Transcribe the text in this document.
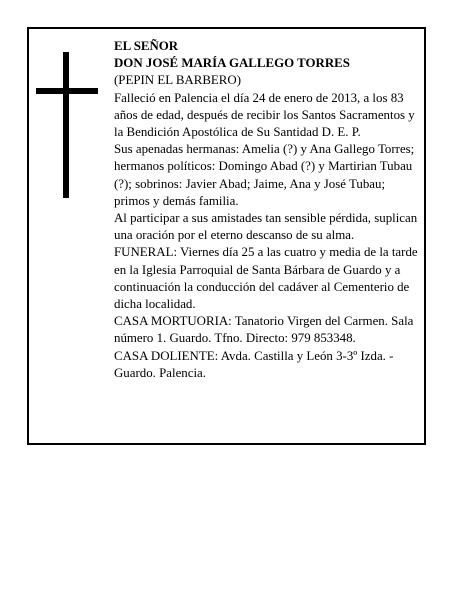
EL SEÑOR

DON JOSÉ MARÍA GALLEGO TORRES

(PEPIN EL BARBERO)

Falleció en Palencia el día 24 de enero de 2013, a los 83 años de edad, después de recibir los Santos Sacramentos y la Bendición Apostólica de Su Santidad D. E. P.

Sus apenadas hermanas: Amelia (?) y Ana Gallego Torres; hermanos políticos: Domingo Abad (?) y Martirian Tubau (?); sobrinos: Javier Abad; Jaime, Ana y José Tubau; primos y demás familia.

Al participar a sus amistades tan sensible pérdida, suplican una oración por el eterno descanso de su alma.

FUNERAL: Viernes día 25 a las cuatro y media de la tarde en la Iglesia Parroquial de Santa Bárbara de Guardo y a continuación la conducción del cadáver al Cementerio de dicha localidad.

CASA MORTUORIA: Tanatorio Virgen del Carmen. Sala número 1. Guardo. Tfno. Directo: 979 853348.

CASA DOLIENTE: Avda. Castilla y León 3-3º Izda. - Guardo. Palencia.
